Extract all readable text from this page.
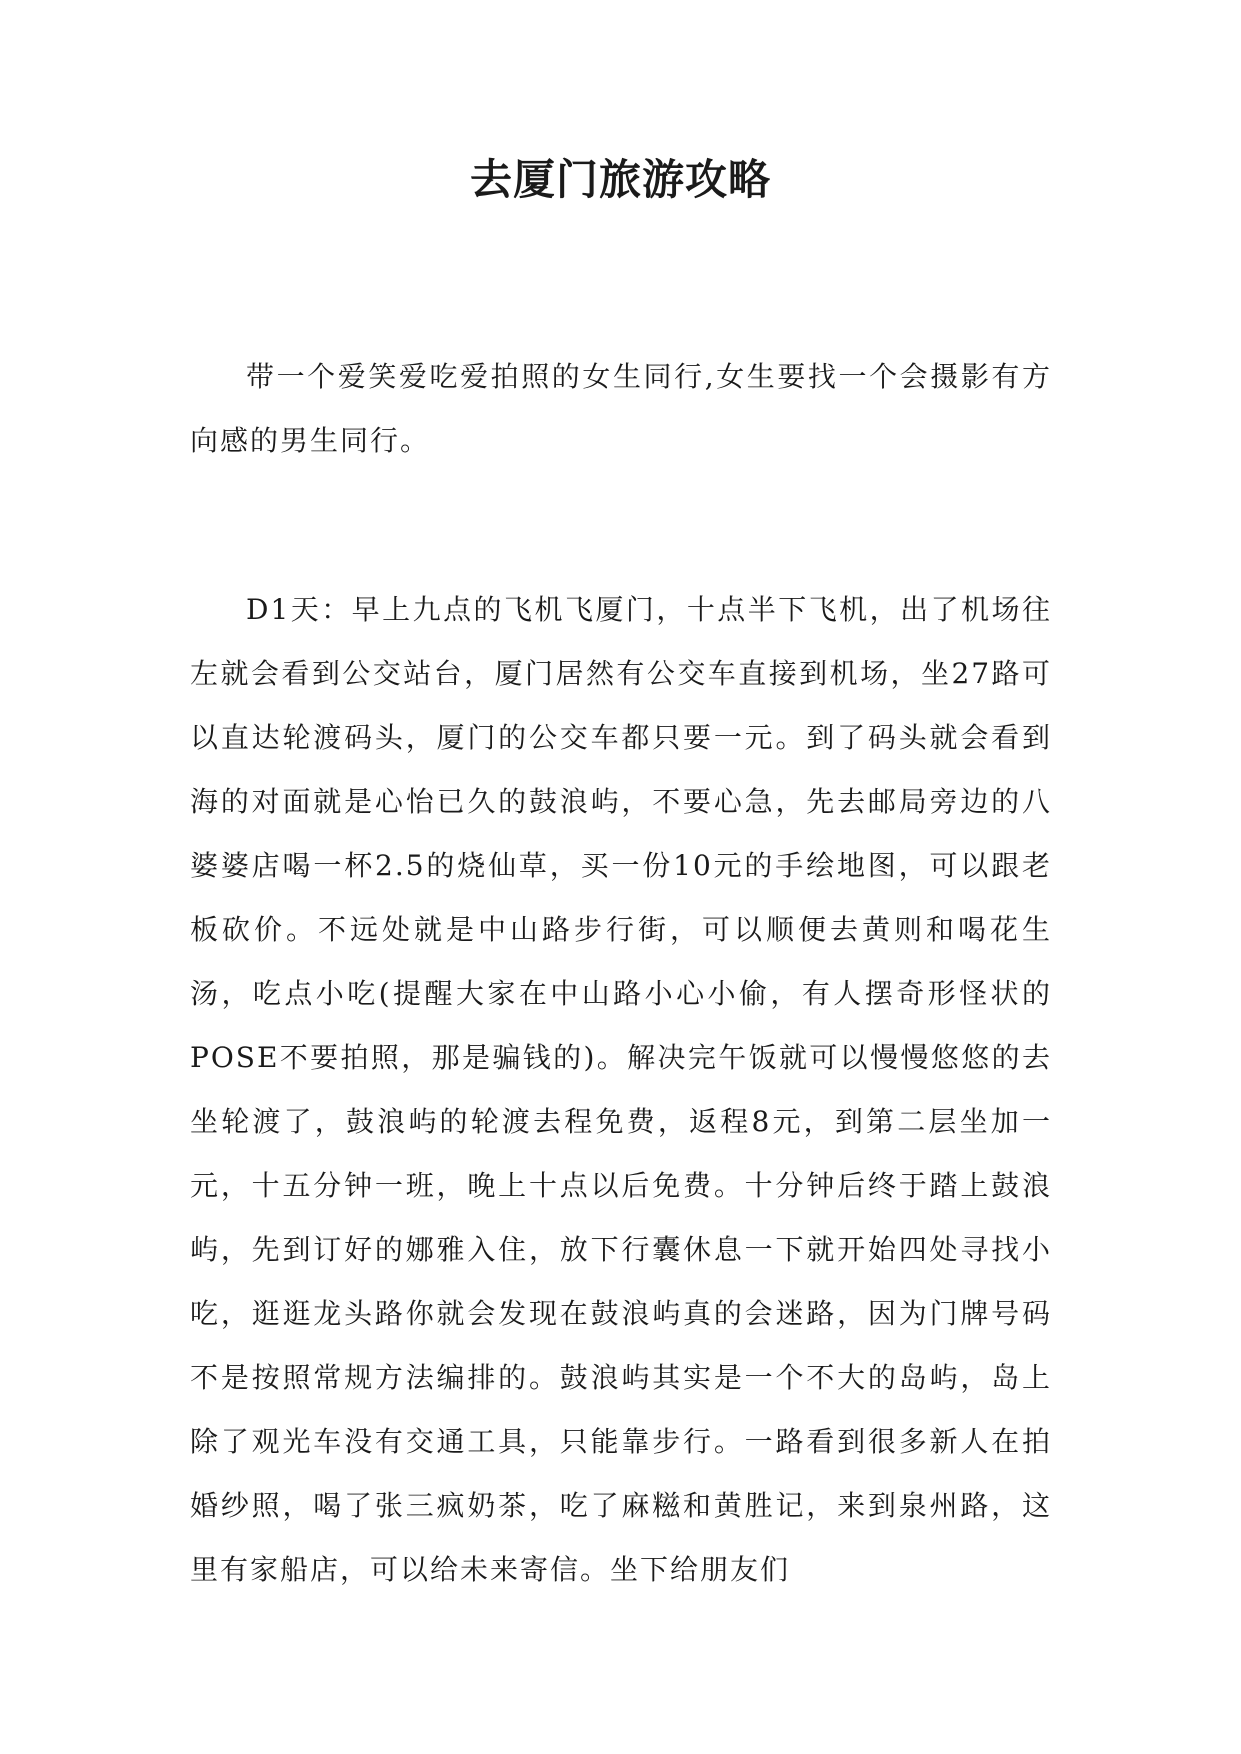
去厦门旅游攻略

带一个爱笑爱吃爱拍照的女生同行,女生要找一个会摄影有方向感的男生同行。

D1天：早上九点的飞机飞厦门，十点半下飞机，出了机场往左就会看到公交站台，厦门居然有公交车直接到机场，坐27路可以直达轮渡码头，厦门的公交车都只要一元。到了码头就会看到海的对面就是心怡已久的鼓浪屿，不要心急，先去邮局旁边的八婆婆店喝一杯2.5的烧仙草，买一份10元的手绘地图，可以跟老板砍价。不远处就是中山路步行街，可以顺便去黄则和喝花生汤，吃点小吃(提醒大家在中山路小心小偷，有人摆奇形怪状的POSE不要拍照，那是骗钱的)。解决完午饭就可以慢慢悠悠的去坐轮渡了，鼓浪屿的轮渡去程免费，返程8元，到第二层坐加一元，十五分钟一班，晚上十点以后免费。十分钟后终于踏上鼓浪屿，先到订好的娜雅入住，放下行囊休息一下就开始四处寻找小吃，逛逛龙头路你就会发现在鼓浪屿真的会迷路，因为门牌号码不是按照常规方法编排的。鼓浪屿其实是一个不大的岛屿，岛上除了观光车没有交通工具，只能靠步行。一路看到很多新人在拍婚纱照，喝了张三疯奶茶，吃了麻糍和黄胜记，来到泉州路，这里有家船店，可以给未来寄信。坐下给朋友们
